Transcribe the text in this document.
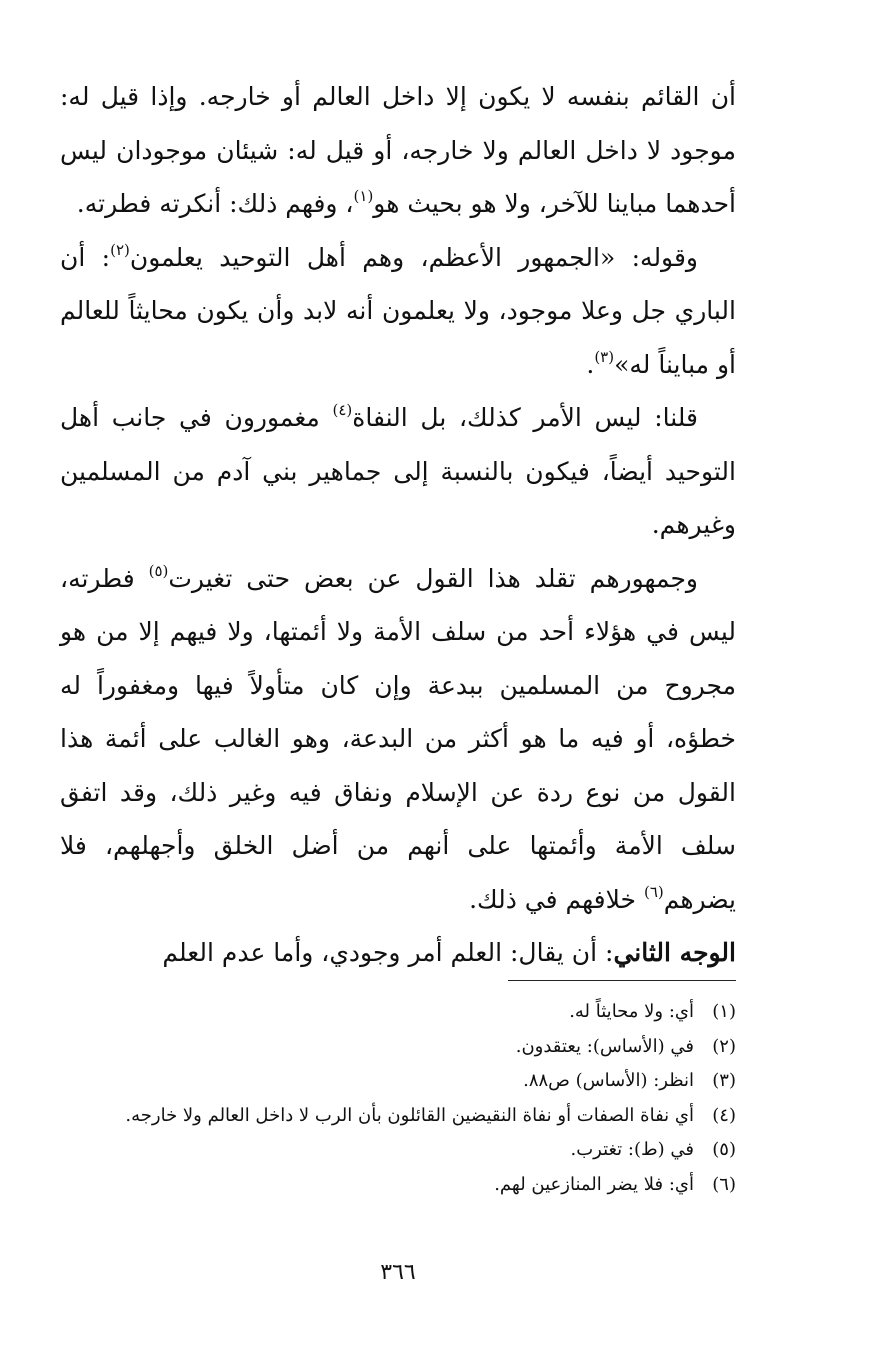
أن القائم بنفسه لا يكون إلا داخل العالم أو خارجه. وإذا قيل له: موجود لا داخل العالم ولا خارجه، أو قيل له: شيئان موجودان ليس أحدهما مباينا للآخر، ولا هو بحيث هو$^{(١)}$، وفهم ذلك: أنكرته فطرته.

وقوله: «الجمهور الأعظم، وهم أهل التوحيد يعلمون$^{(٢)}$: أن الباري جل وعلا موجود، ولا يعلمون أنه لابد وأن يكون محايثاً للعالم أو مبايناً له»$^{(٣)}$.

قلنا: ليس الأمر كذلك، بل النفاة$^{(٤)}$ مغمورون في جانب أهل التوحيد أيضاً، فيكون بالنسبة إلى جماهير بني آدم من المسلمين وغيرهم.

وجمهورهم تقلد هذا القول عن بعض حتى تغيرت$^{(٥)}$ فطرته، ليس في هؤلاء أحد من سلف الأمة ولا أئمتها، ولا فيهم إلا من هو مجروح من المسلمين ببدعة وإن كان متأولاً فيها ومغفوراً له خطؤه، أو فيه ما هو أكثر من البدعة، وهو الغالب على أئمة هذا القول من نوع ردة عن الإسلام ونفاق فيه وغير ذلك، وقد اتفق سلف الأمة وأئمتها على أنهم من أضل الخلق وأجهلهم، فلا يضرهم$^{(٦)}$ خلافهم في ذلك.

الوجه الثاني: أن يقال: العلم أمر وجودي، وأما عدم العلم

(١)أي: ولا محايثاً له.
(٢)في (الأساس): يعتقدون.
(٣)انظر: (الأساس) ص٨٨.
(٤)أي نفاة الصفات أو نفاة النقيضين القائلون بأن الرب لا داخل العالم ولا خارجه.
(٥)في (ط): تغترب.
(٦)أي: فلا يضر المنازعين لهم.
٣٦٦
